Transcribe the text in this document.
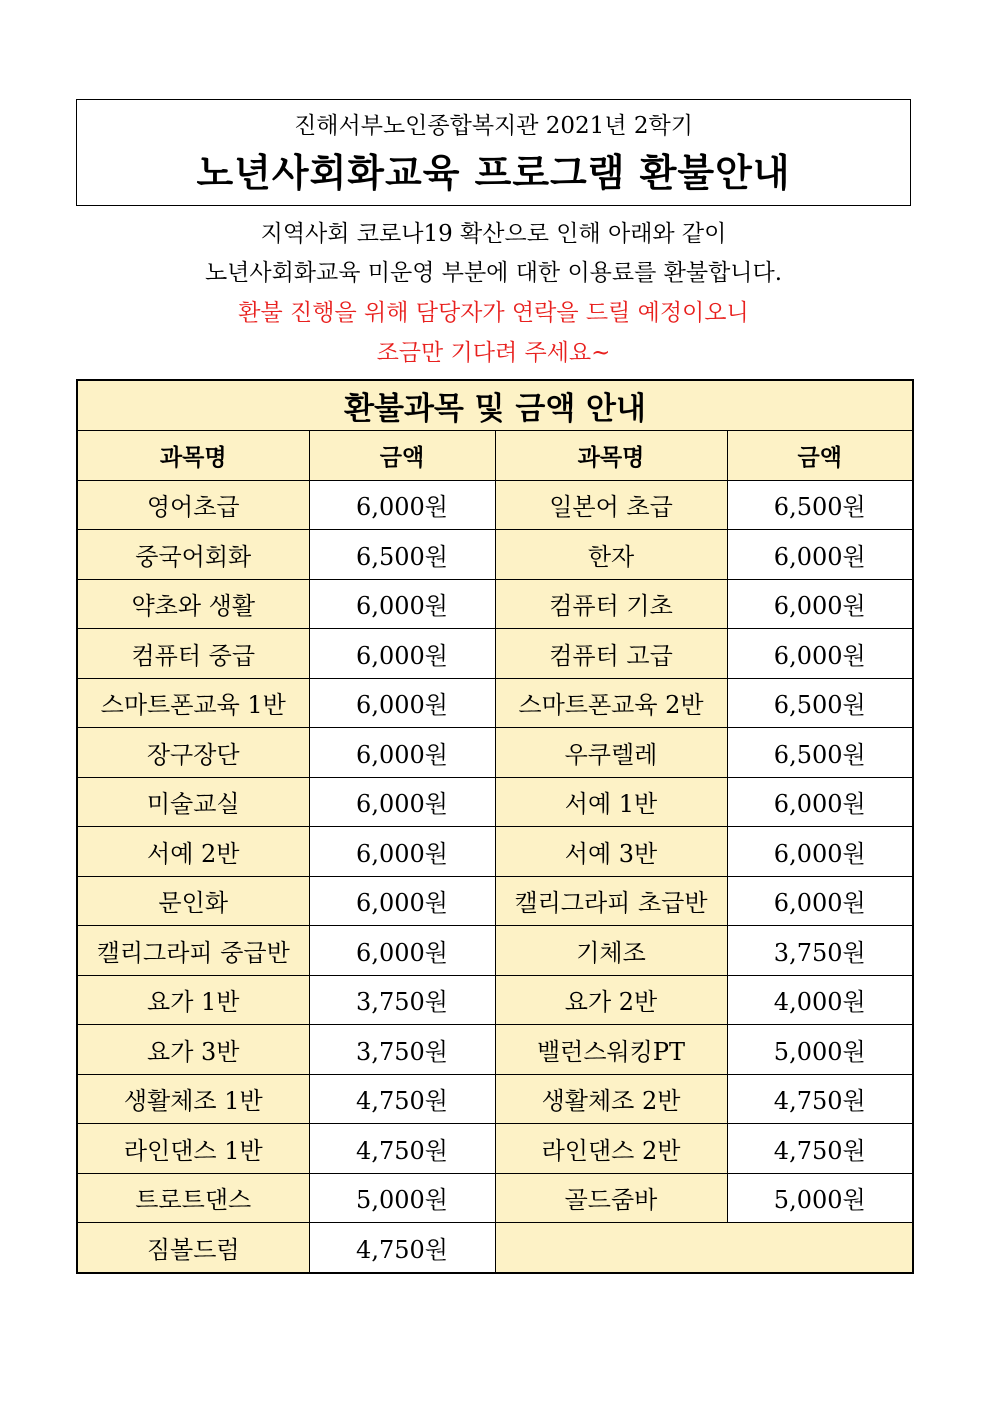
진해서부노인종합복지관 2021년 2학기
노년사회화교육 프로그램 환불안내
지역사회 코로나19 확산으로 인해 아래와 같이
노년사회화교육 미운영 부분에 대한 이용료를 환불합니다.
환불 진행을 위해 담당자가 연락을 드릴 예정이오니
조금만 기다려 주세요~
환불과목 및 금액 안내			
과목명	금액	과목명	금액
영어초급	6,000원	일본어 초급	6,500원
중국어회화	6,500원	한자	6,000원
약초와 생활	6,000원	컴퓨터 기초	6,000원
컴퓨터 중급	6,000원	컴퓨터 고급	6,000원
스마트폰교육 1반	6,000원	스마트폰교육 2반	6,500원
장구장단	6,000원	우쿠렐레	6,500원
미술교실	6,000원	서예 1반	6,000원
서예 2반	6,000원	서예 3반	6,000원
문인화	6,000원	캘리그라피 초급반	6,000원
캘리그라피 중급반	6,000원	기체조	3,750원
요가 1반	3,750원	요가 2반	4,000원
요가 3반	3,750원	밸런스워킹PT	5,000원
생활체조 1반	4,750원	생활체조 2반	4,750원
라인댄스 1반	4,750원	라인댄스 2반	4,750원
트로트댄스	5,000원	골드줌바	5,000원
짐볼드럼	4,750원		
